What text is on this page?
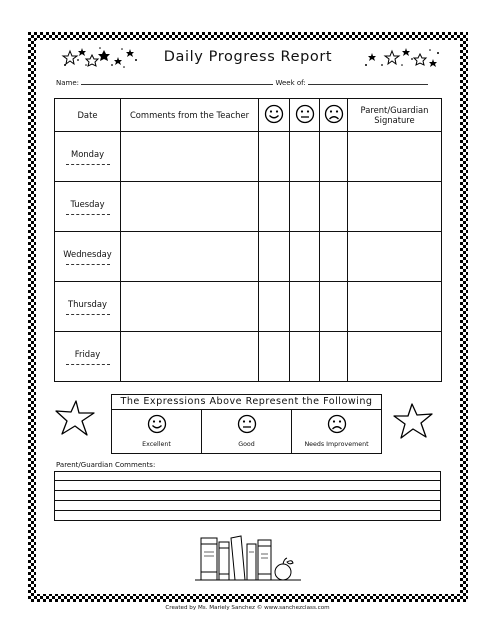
Daily Progress Report
Name:	Week of:
Date	Comments from the Teacher				Parent/Guardian Signature
Monday

Tuesday

Wednesday

Thursday

Friday

The Expressions Above Represent the Following
Excellent	Good	Needs Improvement
Parent/Guardian Comments:
Created by Ms. Mariely Sanchez © www.sanchezclass.com
